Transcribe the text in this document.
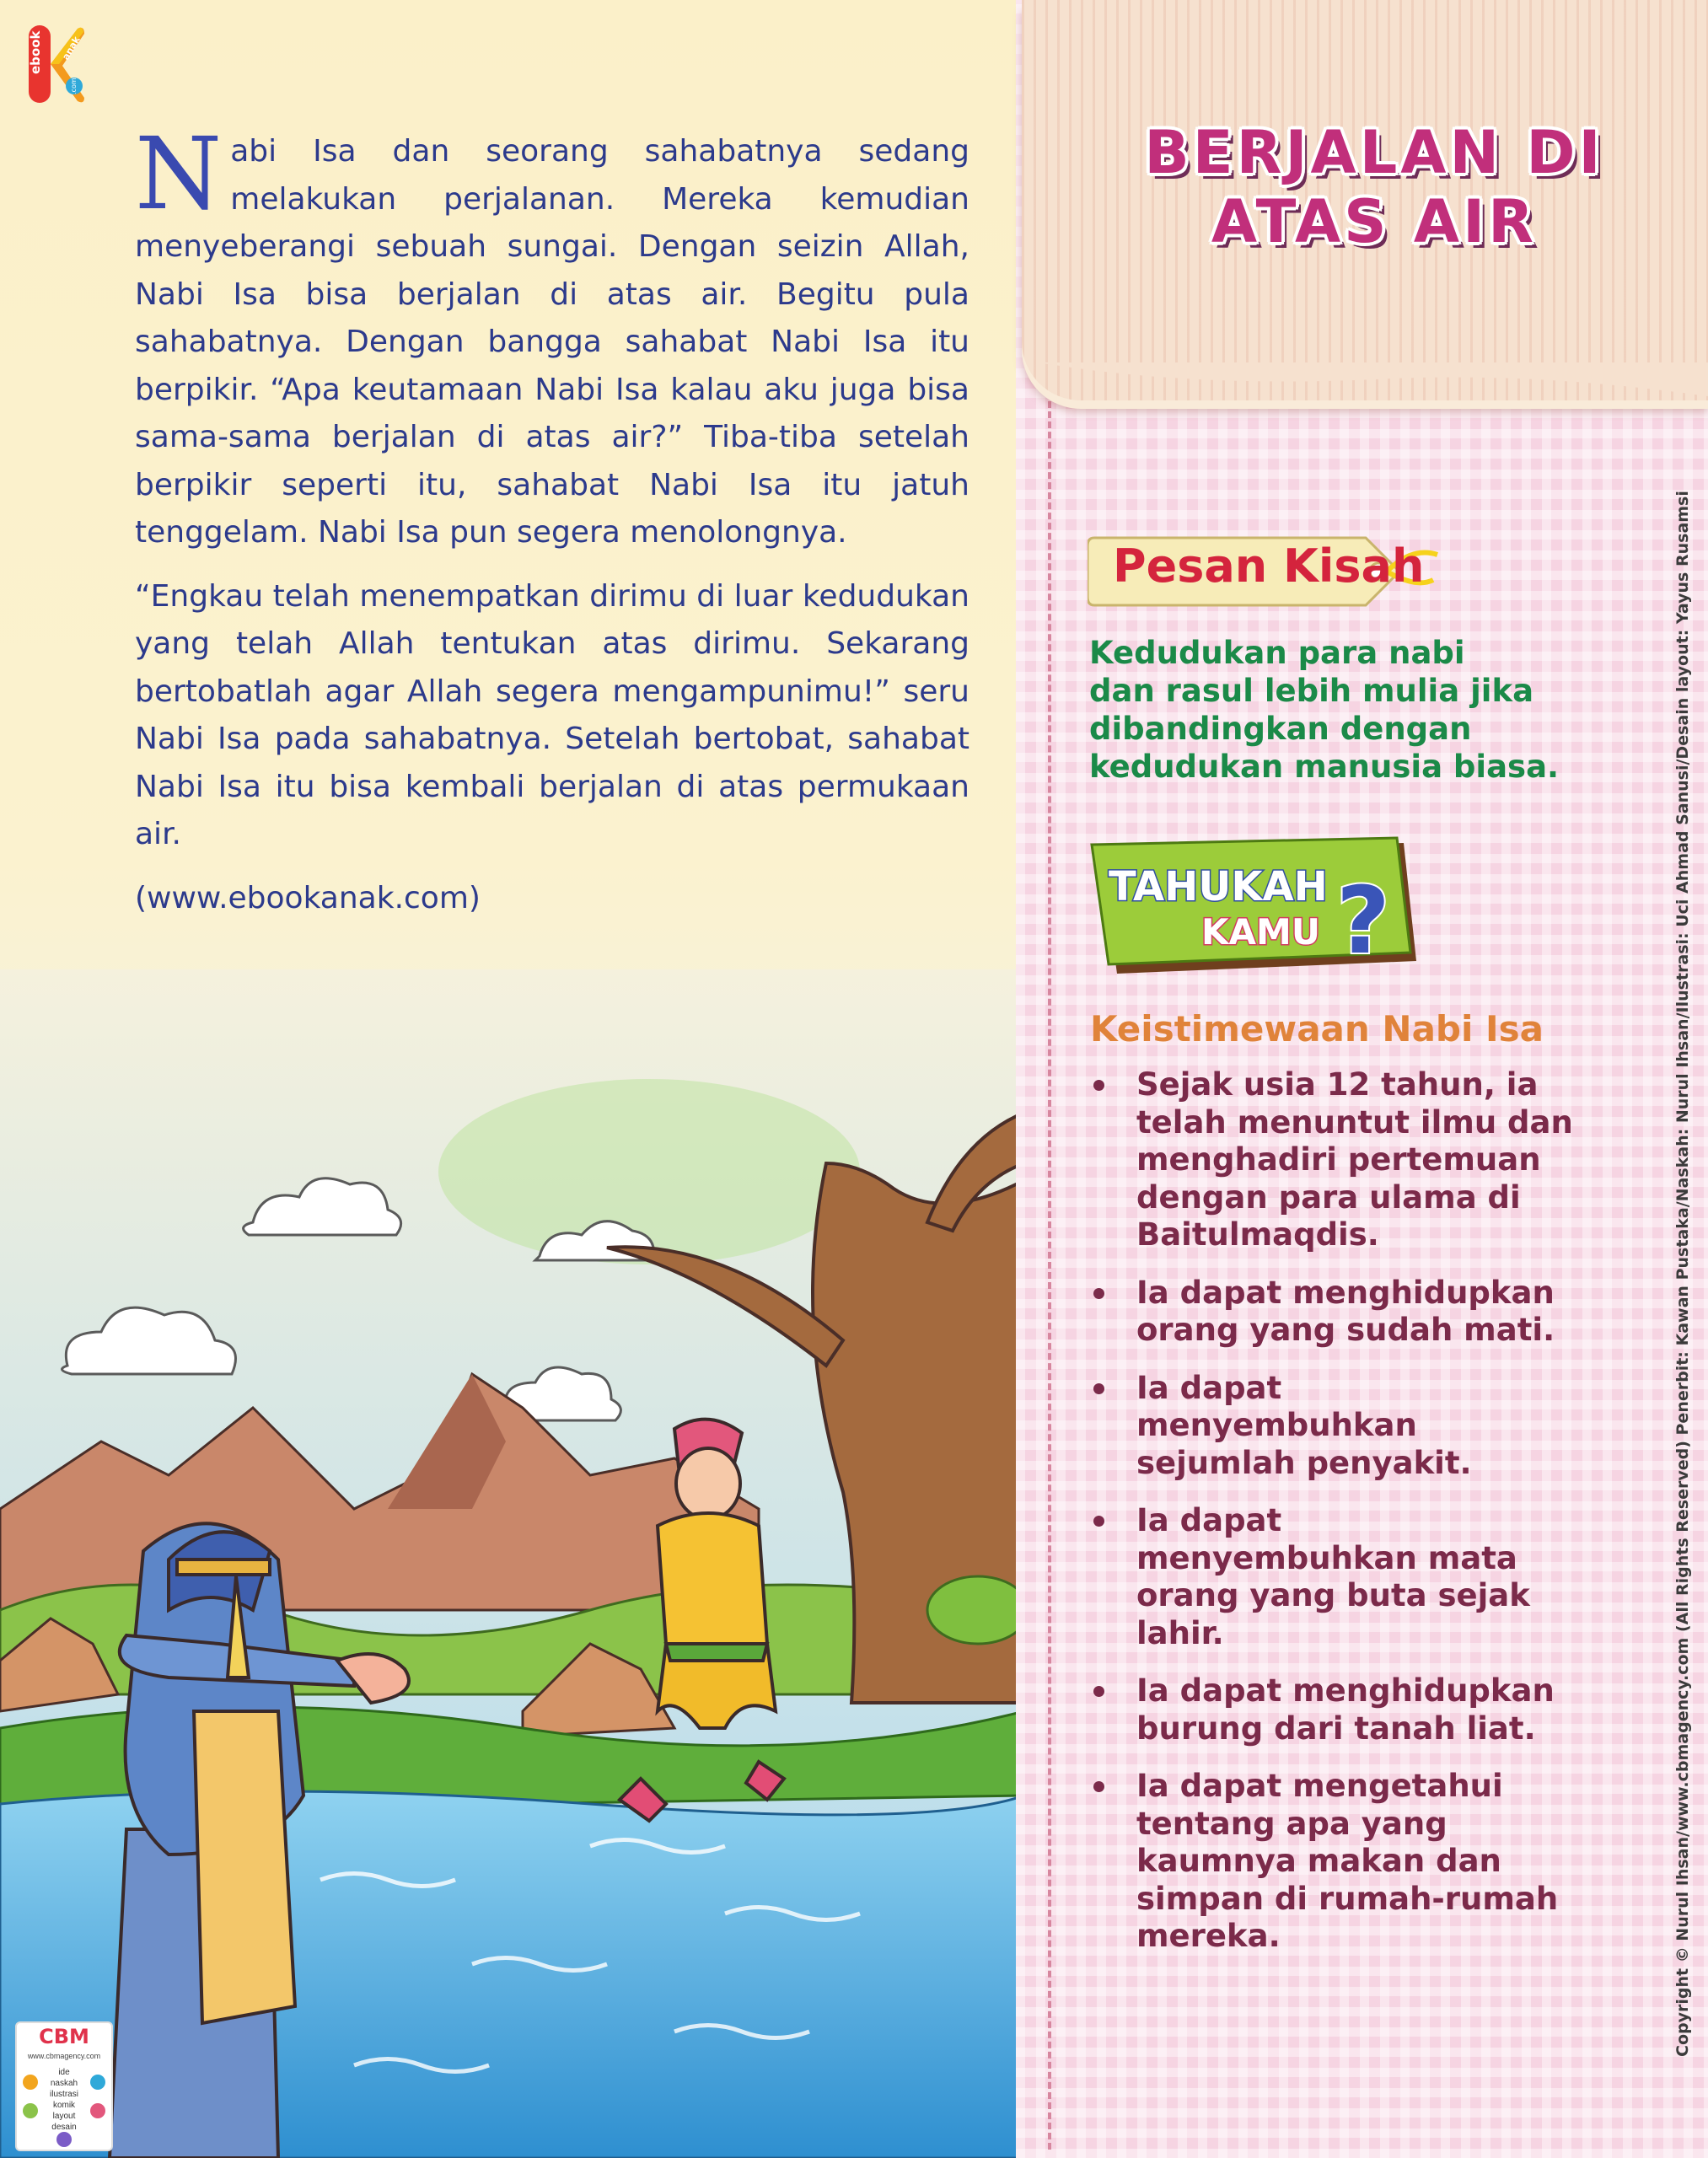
ebook anak
.com

Nabi Isa dan seorang sahabatnya sedang melakukan perjalanan. Mereka kemudian menyeberangi sebuah sungai. Dengan seizin Allah, Nabi Isa bisa berjalan di atas air. Begitu pula sahabatnya. Dengan bangga sahabat Nabi Isa itu berpikir. “Apa keutamaan Nabi Isa kalau aku juga bisa sama-sama berjalan di atas air?” Tiba-tiba setelah berpikir seperti itu, sahabat Nabi Isa itu jatuh tenggelam. Nabi Isa pun segera menolongnya.

“Engkau telah menempatkan dirimu di luar kedudukan yang telah Allah tentukan atas dirimu. Sekarang bertobatlah agar Allah segera mengampunimu!” seru Nabi Isa pada sahabatnya. Setelah bertobat, sahabat Nabi Isa itu bisa kembali berjalan di atas permukaan air.

(www.ebookanak.com)

CBM
www.cbmagency.com
ide
naskah
ilustrasi
komik
layout
desain
BERJALAN DI
ATAS AIR
Pesan Kisah
Kedudukan para nabi
dan rasul lebih mulia jika
dibandingkan dengan
kedudukan manusia biasa.
TAHUKAH
KAMU ?
Keistimewaan Nabi Isa
Sejak usia 12 tahun, ia
telah menuntut ilmu dan
menghadiri pertemuan
dengan para ulama di
Baitulmaqdis.
Ia dapat menghidupkan
orang yang sudah mati.
Ia dapat
menyembuhkan
sejumlah penyakit.
Ia dapat
menyembuhkan mata
orang yang buta sejak
lahir.
Ia dapat menghidupkan
burung dari tanah liat.
Ia dapat mengetahui
tentang apa yang
kaumnya makan dan
simpan di rumah-rumah
mereka.	Copyright © Nurul Ihsan/www.cbmagency.com (All Rights Reserved) Penerbit: Kawan Pustaka/Naskah: Nurul Ihsan/Ilustrasi: Uci Ahmad Sanusi/Desain layout: Yayus Rusamsi
